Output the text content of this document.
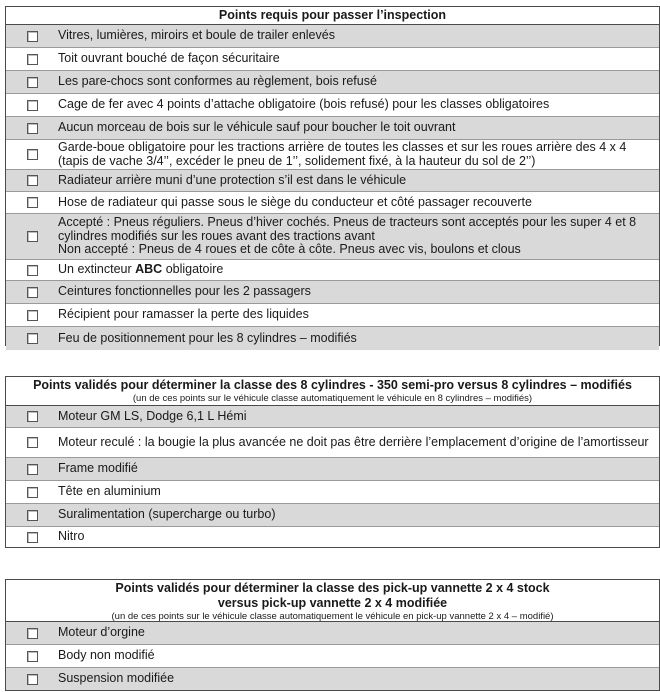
Points requis pour passer l’inspection
Vitres, lumières, miroirs et boule de trailer enlevés
Toit ouvrant bouché de façon sécuritaire
Les pare-chocs sont conformes au règlement, bois refusé
Cage de fer avec 4 points d’attache obligatoire (bois refusé) pour les classes obligatoires
Aucun morceau de bois sur le véhicule sauf pour boucher le toit ouvrant
Garde-boue obligatoire pour les tractions arrière de toutes les classes et sur les roues arrière des 4 x 4 (tapis de vache 3/4’’, excéder le pneu de 1’’, solidement fixé, à la hauteur du sol de 2’’)
Radiateur arrière muni d’une protection s’il est dans le véhicule
Hose de radiateur qui passe sous le siège du conducteur et côté passager recouverte
Accepté : Pneus réguliers. Pneus d’hiver cochés. Pneus de tracteurs sont acceptés pour les super 4 et 8 cylindres modifiés sur les roues avant des tractions avant
Non accepté : Pneus de 4 roues et de côte à côte. Pneus avec vis, boulons et clous
Un extincteur ABC obligatoire
Ceintures fonctionnelles pour les 2 passagers
Récipient pour ramasser la perte des liquides
Feu de positionnement pour les 8 cylindres – modifiés
Points validés pour déterminer la classe des 8 cylindres - 350 semi-pro versus 8 cylindres – modifiés
(un de ces points sur le véhicule classe automatiquement le véhicule en 8 cylindres – modifiés)
Moteur GM LS, Dodge 6,1 L Hémi
Moteur reculé : la bougie la plus avancée ne doit pas être derrière l’emplacement d’origine de l’amortisseur
Frame modifié
Tête en aluminium
Suralimentation (supercharge ou turbo)
Nitro
Points validés pour déterminer la classe des pick-up vannette 2 x 4 stock
versus pick-up vannette 2 x 4 modifiée
(un de ces points sur le véhicule classe automatiquement le véhicule en pick-up vannette 2 x 4 – modifié)
Moteur d’orgine
Body non modifié
Suspension modifiée
